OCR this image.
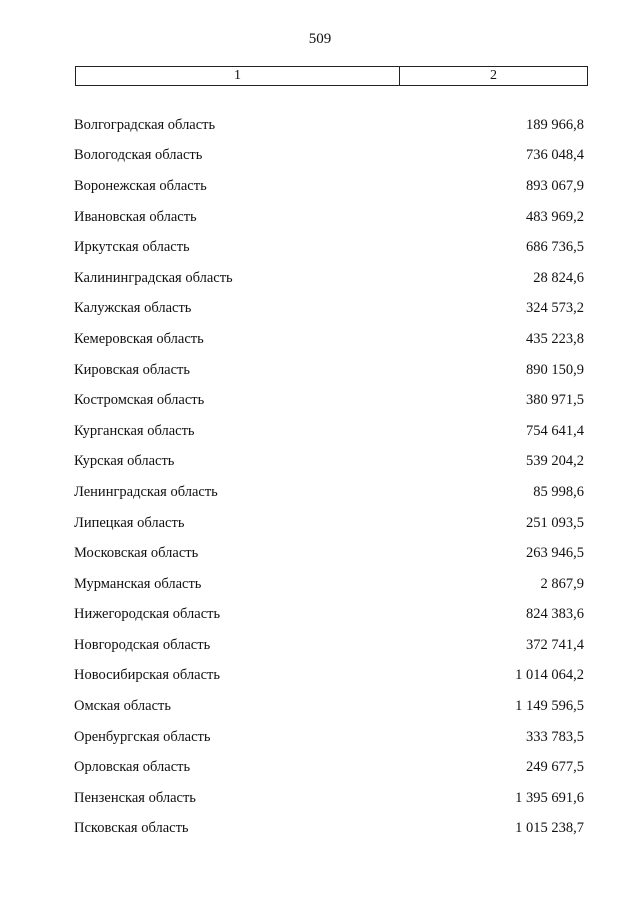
509
1	2
Волгоградская область	189 966,8
Вологодская область	736 048,4
Воронежская область	893 067,9
Ивановская область	483 969,2
Иркутская область	686 736,5
Калининградская область	28 824,6
Калужская область	324 573,2
Кемеровская область	435 223,8
Кировская область	890 150,9
Костромская область	380 971,5
Курганская область	754 641,4
Курская область	539 204,2
Ленинградская область	85 998,6
Липецкая область	251 093,5
Московская область	263 946,5
Мурманская область	2 867,9
Нижегородская область	824 383,6
Новгородская область	372 741,4
Новосибирская область	1 014 064,2
Омская область	1 149 596,5
Оренбургская область	333 783,5
Орловская область	249 677,5
Пензенская область	1 395 691,6
Псковская область	1 015 238,7
